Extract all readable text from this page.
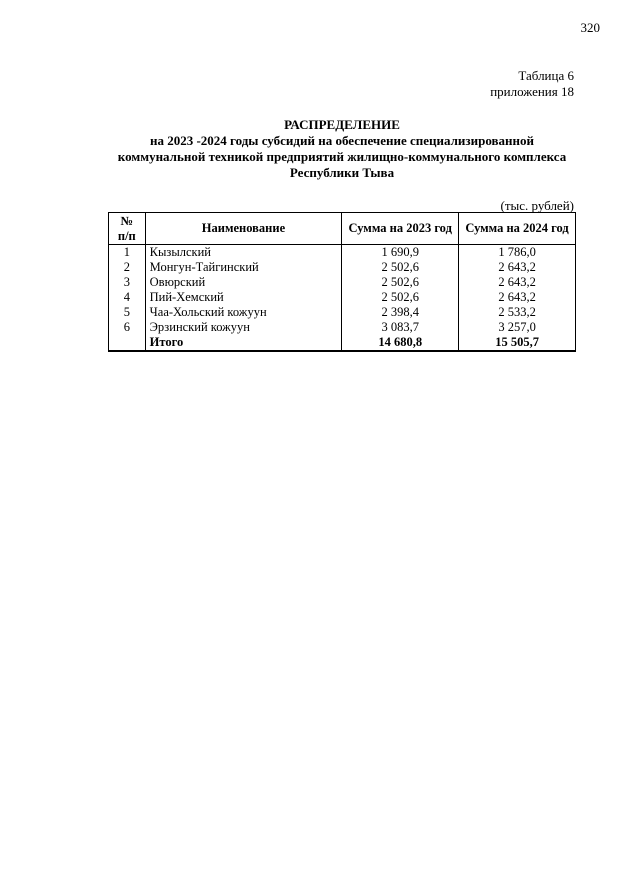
320
Таблица 6
приложения 18
РАСПРЕДЕЛЕНИЕ
на 2023 -2024 годы субсидий на обеспечение специализированной
коммунальной техникой предприятий жилищно-коммунального комплекса
Республики Тыва
(тыс. рублей)
№
п/п	Наименование	Сумма на 2023 год	Сумма на 2024 год
1	Кызылский	1 690,9	1 786,0
2	Монгун-Тайгинский	2 502,6	2 643,2
3	Овюрский	2 502,6	2 643,2
4	Пий-Хемский	2 502,6	2 643,2
5	Чаа-Хольский кожуун	2 398,4	2 533,2
6	Эрзинский кожуун	3 083,7	3 257,0
	Итого	14 680,8	15 505,7
